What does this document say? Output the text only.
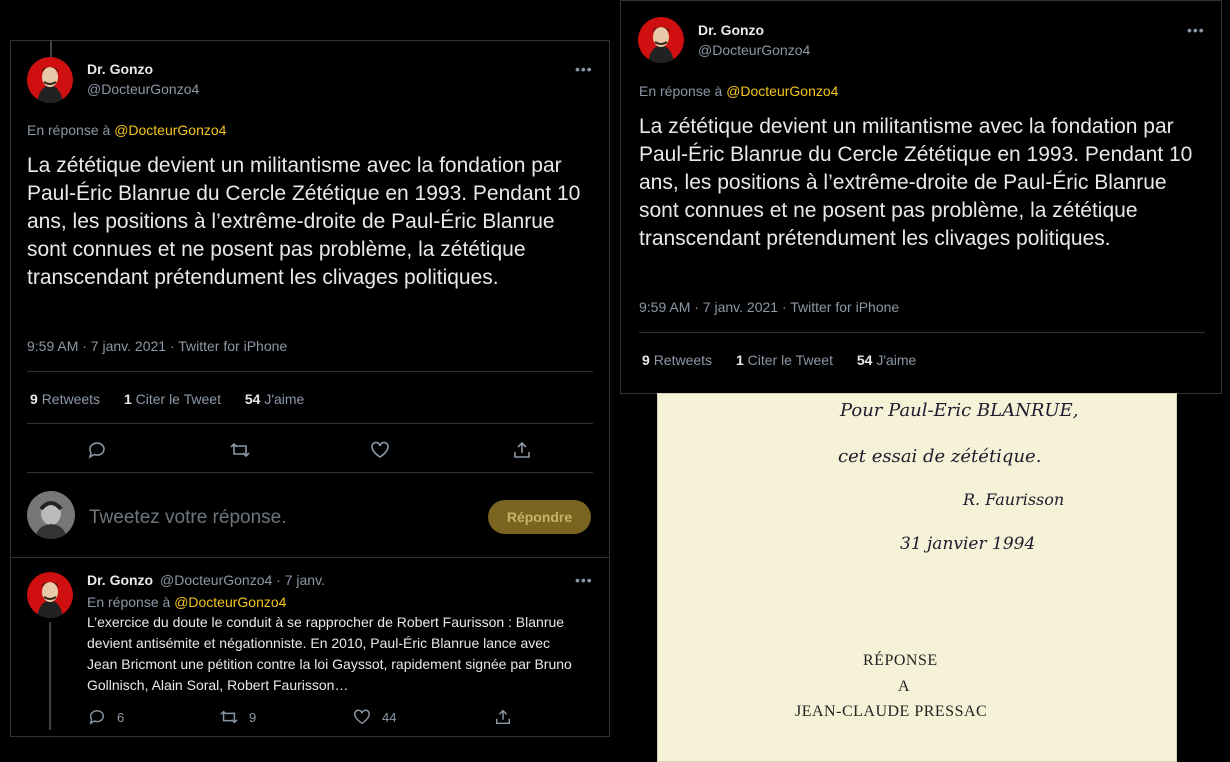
Dr. Gonzo
@DocteurGonzo4
•••
En réponse à @DocteurGonzo4
La zététique devient un militantisme avec la fondation par Paul-Éric Blanrue du Cercle Zététique en 1993. Pendant 10 ans, les positions à l’extrême-droite de Paul-Éric Blanrue sont connues et ne posent pas problème, la zététique transcendant prétendument les clivages politiques.
9:59 AM · 7 janv. 2021 · Twitter for iPhone
9 Retweets 1 Citer le Tweet 54 J'aime
Tweetez votre réponse.	Répondre
Dr. Gonzo @DocteurGonzo4 · 7 janv.	•••
En réponse à @DocteurGonzo4
L’exercice du doute le conduit à se rapprocher de Robert Faurisson : Blanrue devient antisémite et négationniste. En 2010, Paul-Éric Blanrue lance avec Jean Bricmont une pétition contre la loi Gayssot, rapidement signée par Bruno Gollnisch, Alain Soral, Robert Faurisson…
6	9	44
Dr. Gonzo
@DocteurGonzo4
•••
En réponse à @DocteurGonzo4
La zététique devient un militantisme avec la fondation par Paul-Éric Blanrue du Cercle Zététique en 1993. Pendant 10 ans, les positions à l’extrême-droite de Paul-Éric Blanrue sont connues et ne posent pas problème, la zététique transcendant prétendument les clivages politiques.
9:59 AM · 7 janv. 2021 · Twitter for iPhone
9 Retweets 1 Citer le Tweet 54 J'aime
Pour Paul-Eric BLANRUE,
cet essai de zététique.
R. Faurisson
31 janvier 1994
RÉPONSE
A
JEAN-CLAUDE PRESSAC
